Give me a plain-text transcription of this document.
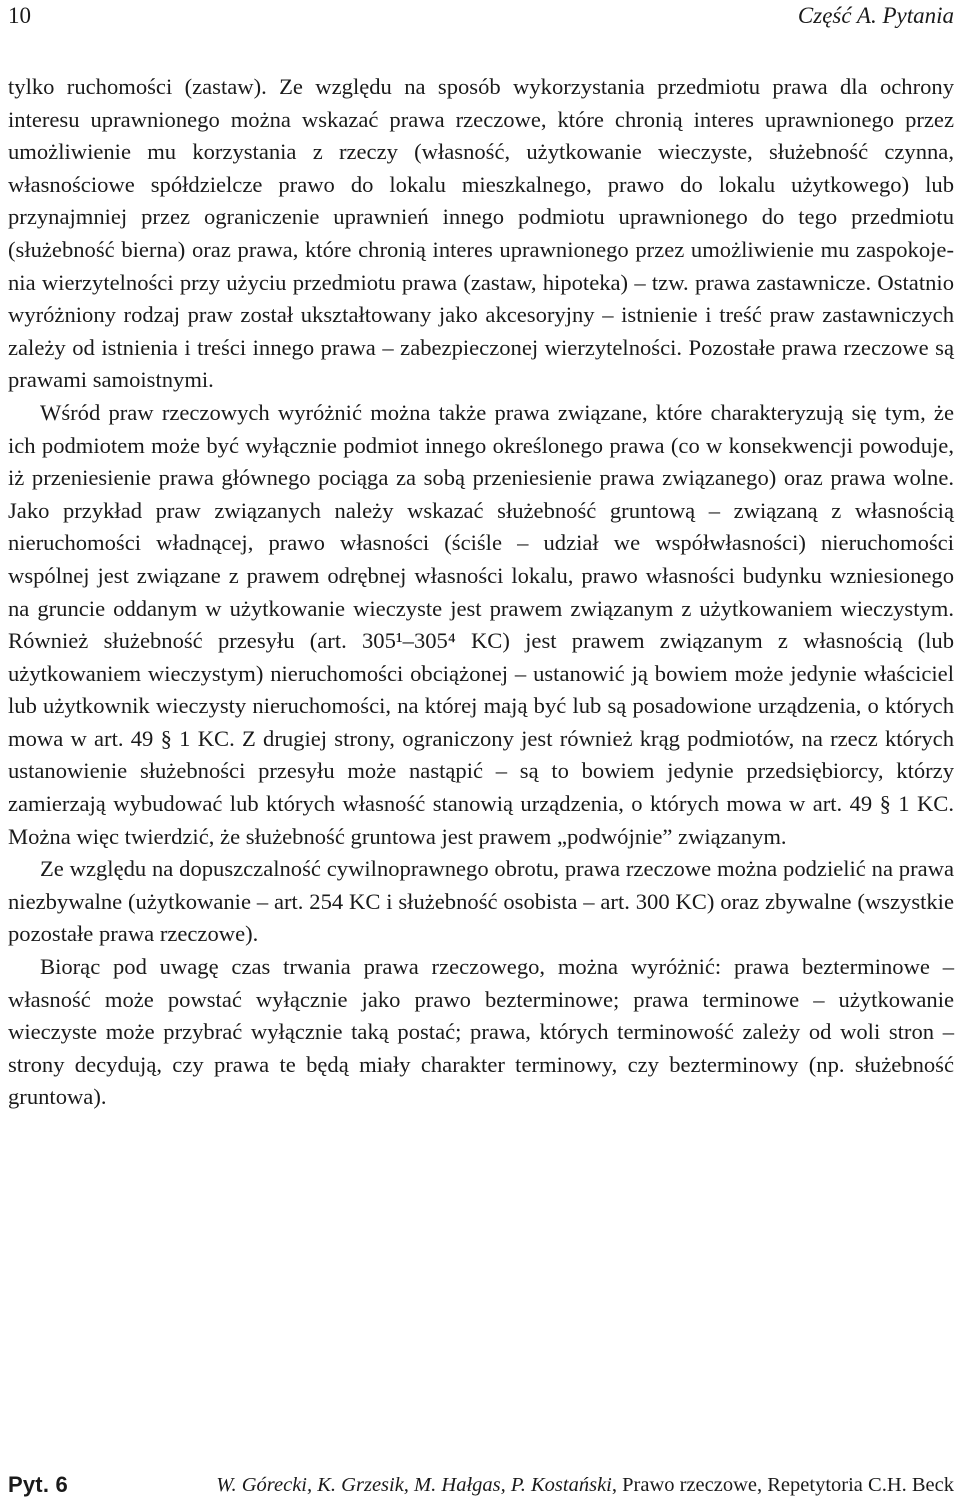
10	Część A. Pytania

tylko ruchomości (zastaw). Ze względu na sposób wykorzystania przedmiotu prawa dla ochrony interesu uprawnionego można wskazać prawa rzeczowe, które chronią interes uprawnionego przez umożliwienie mu korzystania z rzeczy (własność, użytkowanie wieczyste, służebność czynna, własnościowe spółdzielcze prawo do lokalu mieszkalnego, prawo do lokalu użytkowego) lub przynajmniej przez ograniczenie uprawnień innego podmiotu uprawnionego do tego przedmiotu (służebność bierna) oraz prawa, które chronią interes uprawnionego przez umożliwienie mu zaspokojenia wierzytelności przy użyciu przedmiotu prawa (zastaw, hipoteka) – tzw. prawa zastawnicze. Ostatnio wyróżniony rodzaj praw został ukształtowany jako akcesoryjny – istnienie i treść praw zastawniczych zależy od istnienia i treści innego prawa – zabezpieczonej wierzytelności. Pozostałe prawa rzeczowe są prawami samoistnymi.

Wśród praw rzeczowych wyróżnić można także prawa związane, które charakteryzują się tym, że ich podmiotem może być wyłącznie podmiot innego określonego prawa (co w konsekwencji powoduje, iż przeniesienie prawa głównego pociąga za sobą przeniesienie prawa związanego) oraz prawa wolne. Jako przykład praw związanych należy wskazać służebność gruntową – związaną z własnością nieruchomości władnącej, prawo własności (ściśle – udział we współwłasności) nieruchomości wspólnej jest związane z prawem odrębnej własności lokalu, prawo własności budynku wzniesionego na gruncie oddanym w użytkowanie wieczyste jest prawem związanym z użytkowaniem wieczystym. Również służebność przesyłu (art. 305¹–305⁴ KC) jest prawem związanym z własnością (lub użytkowaniem wieczystym) nieruchomości obciążonej – ustanowić ją bowiem może jedynie właściciel lub użytkownik wieczysty nieruchomości, na której mają być lub są posadowione urządzenia, o których mowa w art. 49 § 1 KC. Z drugiej strony, ograniczony jest również krąg podmiotów, na rzecz których ustanowienie służebności przesyłu może nastąpić – są to bowiem jedynie przedsiębiorcy, którzy zamierzają wybudować lub których własność stanowią urządzenia, o których mowa w art. 49 § 1 KC. Można więc twierdzić, że służebność gruntowa jest prawem „podwójnie” związanym.

Ze względu na dopuszczalność cywilnoprawnego obrotu, prawa rzeczowe można podzielić na prawa niezbywalne (użytkowanie – art. 254 KC i służebność osobista – art. 300 KC) oraz zbywalne (wszystkie pozostałe prawa rzeczowe).

Biorąc pod uwagę czas trwania prawa rzeczowego, można wyróżnić: prawa bezterminowe – własność może powstać wyłącznie jako prawo bezterminowe; prawa terminowe – użytkowanie wieczyste może przybrać wyłącznie taką postać; prawa, których terminowość zależy od woli stron – strony decydują, czy prawa te będą miały charakter terminowy, czy bezterminowy (np. służebność gruntowa).

Pyt. 6	W. Górecki, K. Grzesik, M. Hałgas, P. Kostański, Prawo rzeczowe, Repetytoria C.H. Beck
